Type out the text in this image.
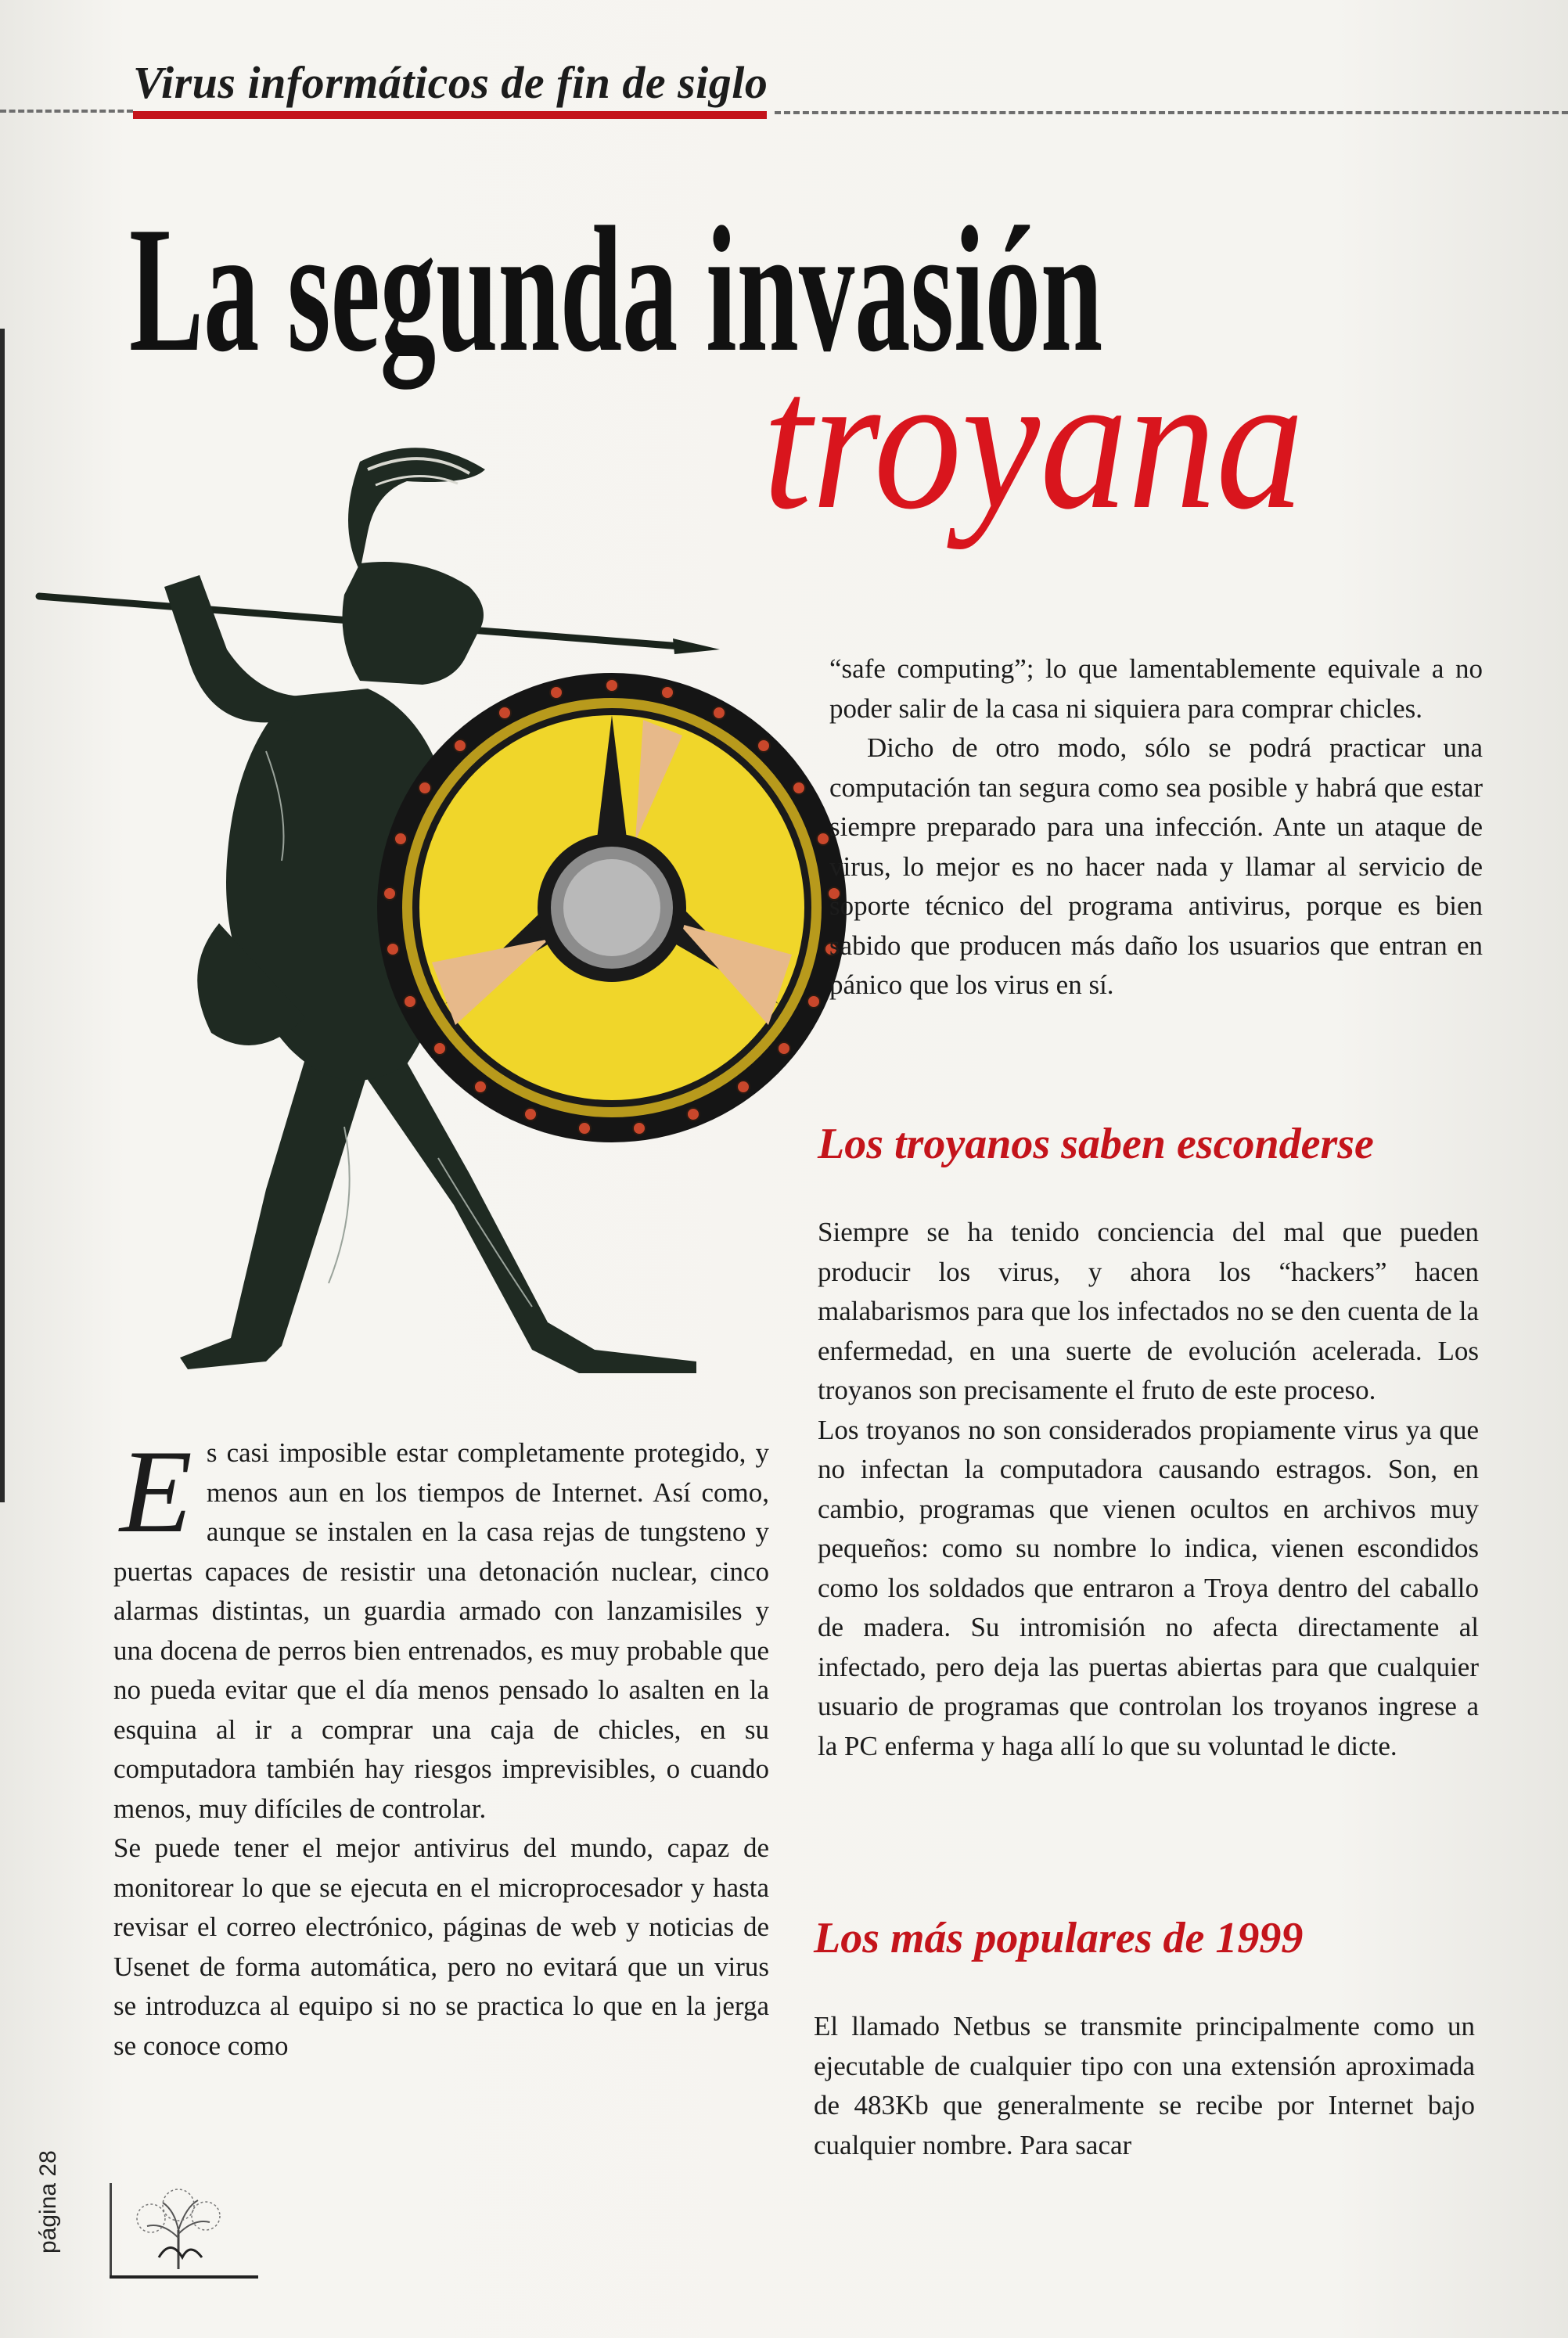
Virus informáticos de fin de siglo
La segunda invasión
troyana

“safe computing”; lo que lamentablemente equivale a no poder salir de la casa ni siquiera para comprar chicles.

Dicho de otro modo, sólo se podrá practicar una computación tan segura como sea posible y habrá que estar siempre preparado para una infección. Ante un ataque de virus, lo mejor es no hacer nada y llamar al servicio de soporte técnico del programa antivirus, porque es bien sabido que producen más daño los usuarios que entran en pánico que los virus en sí.

Los troyanos saben esconderse

Siempre se ha tenido conciencia del mal que pueden producir los virus, y ahora los “hackers” hacen malabarismos para que los infectados no se den cuenta de la enfermedad, en una suerte de evolución acelerada. Los troyanos son precisamente el fruto de este proceso.

Los troyanos no son considerados propiamente virus ya que no infectan la computadora causando estragos. Son, en cambio, programas que vienen ocultos en archivos muy pequeños: como su nombre lo indica, vienen escondidos como los soldados que entraron a Troya dentro del caballo de madera. Su intromisión no afecta directamente al infectado, pero deja las puertas abiertas para que cualquier usuario de programas que controlan los troyanos ingrese a la PC enferma y haga allí lo que su voluntad le dicte.

Los más populares de 1999

El llamado Netbus se transmite principalmente como un ejecutable de cualquier tipo con una extensión aproximada de 483Kb que generalmente se recibe por Internet bajo cualquier nombre. Para sacar

E s casi imposible estar completamente protegido, y menos aun en los tiempos de Internet. Así como, aunque se instalen en la casa rejas de tungsteno y puertas capaces de resistir una detonación nuclear, cinco alarmas distintas, un guardia armado con lanzamisiles y una docena de perros bien entrenados, es muy probable que no pueda evitar que el día menos pensado lo asalten en la esquina al ir a comprar una caja de chicles, en su computadora también hay riesgos imprevisibles, o cuando menos, muy difíciles de controlar.

Se puede tener el mejor antivirus del mundo, capaz de monitorear lo que se ejecuta en el microprocesador y hasta revisar el correo electrónico, páginas de web y noticias de Usenet de forma automática, pero no evitará que un virus se introduzca al equipo si no se practica lo que en la jerga se conoce como

página 28
